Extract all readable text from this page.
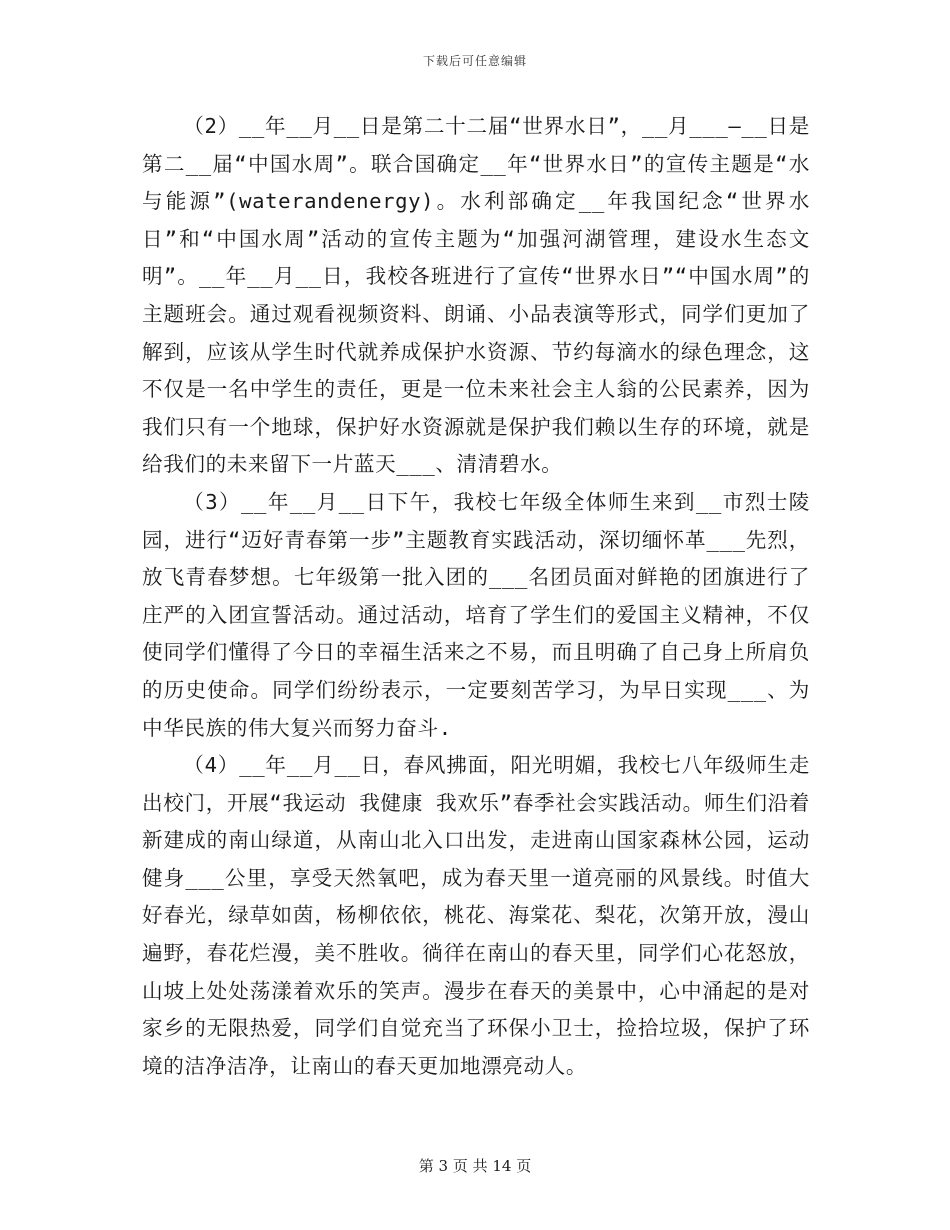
下载后可任意编辑

（2）__年__月__日是第二十二届“世界水日”，__月___—__日是第二__届“中国水周”。联合国确定__年“世界水日”的宣传主题是“水与能源”(waterandenergy)。水利部确定__年我国纪念“世界水日”和“中国水周”活动的宣传主题为“加强河湖管理，建设水生态文明”。__年__月__日，我校各班进行了宣传“世界水日”“中国水周”的主题班会。通过观看视频资料、朗诵、小品表演等形式，同学们更加了解到，应该从学生时代就养成保护水资源、节约每滴水的绿色理念，这不仅是一名中学生的责任，更是一位未来社会主人翁的公民素养，因为我们只有一个地球，保护好水资源就是保护我们赖以生存的环境，就是给我们的未来留下一片蓝天___、清清碧水。

（3）__年__月__日下午，我校七年级全体师生来到__市烈士陵园，进行“迈好青春第一步”主题教育实践活动，深切缅怀革___先烈，放飞青春梦想。七年级第一批入团的___名团员面对鲜艳的团旗进行了庄严的入团宣誓活动。通过活动，培育了学生们的爱国主义精神，不仅使同学们懂得了今日的幸福生活来之不易，而且明确了自己身上所肩负的历史使命。同学们纷纷表示，一定要刻苦学习，为早日实现___、为中华民族的伟大复兴而努力奋斗.

（4）__年__月__日，春风拂面，阳光明媚，我校七八年级师生走出校门，开展“我运动 我健康 我欢乐”春季社会实践活动。师生们沿着新建成的南山绿道，从南山北入口出发，走进南山国家森林公园，运动健身___公里，享受天然氧吧，成为春天里一道亮丽的风景线。时值大好春光，绿草如茵，杨柳依依，桃花、海棠花、梨花，次第开放，漫山遍野，春花烂漫，美不胜收。徜徉在南山的春天里，同学们心花怒放，山坡上处处荡漾着欢乐的笑声。漫步在春天的美景中，心中涌起的是对家乡的无限热爱，同学们自觉充当了环保小卫士，捡拾垃圾，保护了环境的洁净洁净，让南山的春天更加地漂亮动人。

第 3 页 共 14 页
